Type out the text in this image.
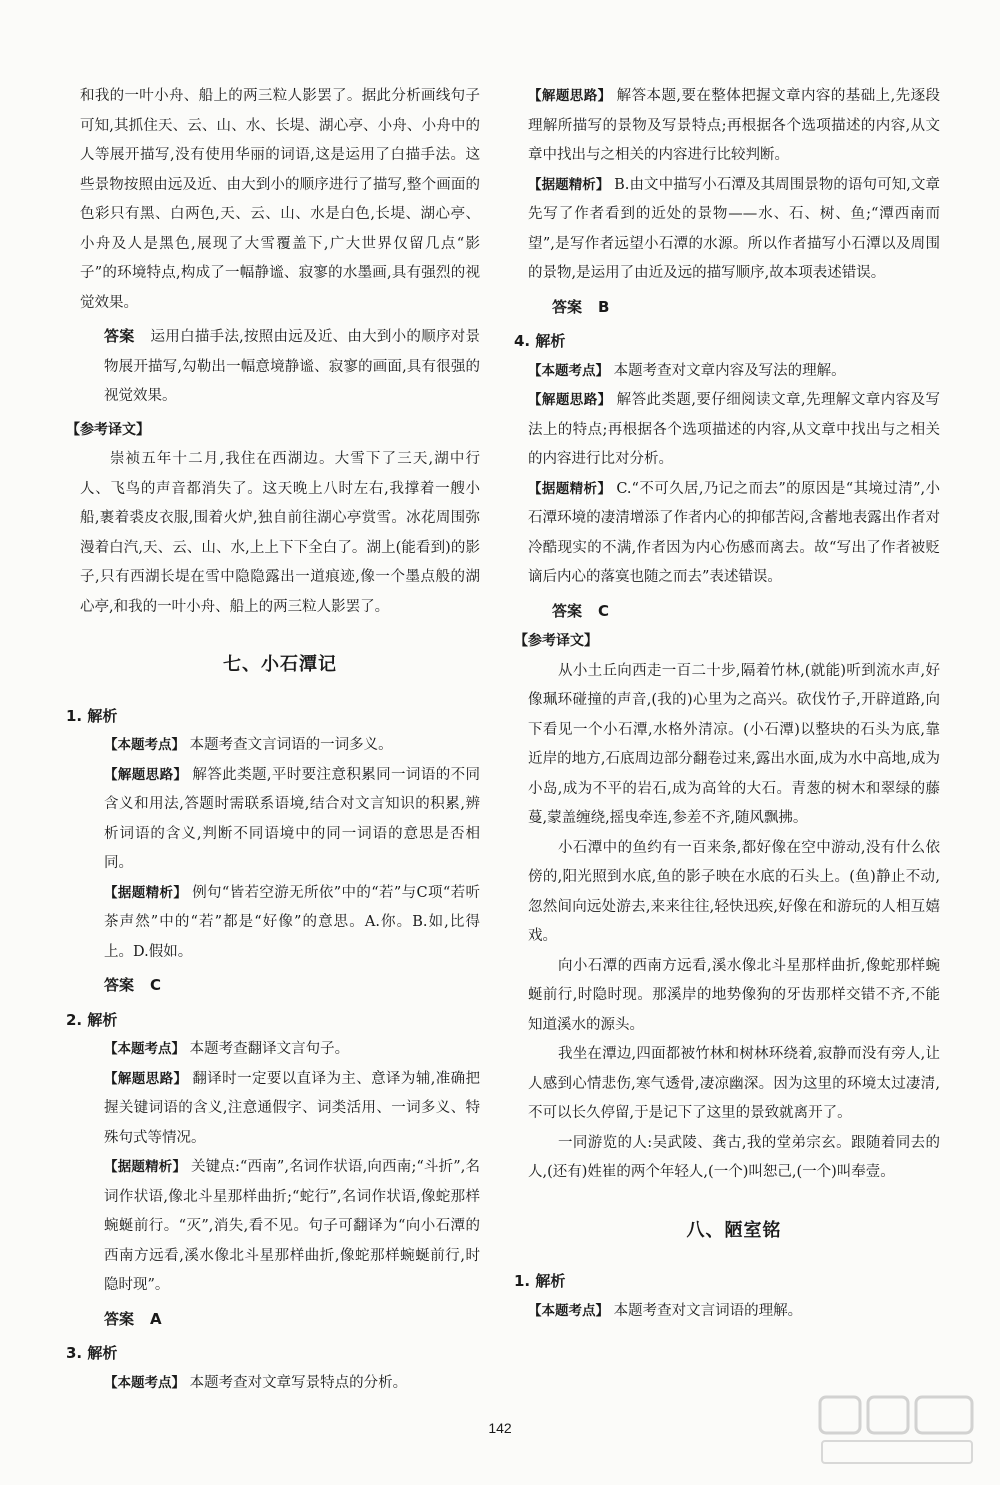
和我的一叶小舟、船上的两三粒人影罢了。据此分析画线句子可知,其抓住天、云、山、水、长堤、湖心亭、小舟、小舟中的人等展开描写,没有使用华丽的词语,这是运用了白描手法。这些景物按照由远及近、由大到小的顺序进行了描写,整个画面的色彩只有黑、白两色,天、云、山、水是白色,长堤、湖心亭、小舟及人是黑色,展现了大雪覆盖下,广大世界仅留几点“影子”的环境特点,构成了一幅静谧、寂寥的水墨画,具有强烈的视觉效果。

答案 运用白描手法,按照由远及近、由大到小的顺序对景物展开描写,勾勒出一幅意境静谧、寂寥的画面,具有很强的视觉效果。

【参考译文】

崇祯五年十二月,我住在西湖边。大雪下了三天,湖中行人、飞鸟的声音都消失了。这天晚上八时左右,我撑着一艘小船,裹着裘皮衣服,围着火炉,独自前往湖心亭赏雪。冰花周围弥漫着白汽,天、云、山、水,上上下下全白了。湖上(能看到)的影子,只有西湖长堤在雪中隐隐露出一道痕迹,像一个墨点般的湖心亭,和我的一叶小舟、船上的两三粒人影罢了。

七、小石潭记
1. 解析

【本题考点】 本题考查文言词语的一词多义。

【解题思路】 解答此类题,平时要注意积累同一词语的不同含义和用法,答题时需联系语境,结合对文言知识的积累,辨析词语的含义,判断不同语境中的同一词语的意思是否相同。

【据题精析】 例句“皆若空游无所依”中的“若”与C项“若听茶声然”中的“若”都是“好像”的意思。A.你。B.如,比得上。D.假如。

答案 C

2. 解析

【本题考点】 本题考查翻译文言句子。

【解题思路】 翻译时一定要以直译为主、意译为辅,准确把握关键词语的含义,注意通假字、词类活用、一词多义、特殊句式等情况。

【据题精析】 关键点:“西南”,名词作状语,向西南;“斗折”,名词作状语,像北斗星那样曲折;“蛇行”,名词作状语,像蛇那样蜿蜒前行。“灭”,消失,看不见。句子可翻译为“向小石潭的西南方远看,溪水像北斗星那样曲折,像蛇那样蜿蜒前行,时隐时现”。

答案 A

3. 解析

【本题考点】 本题考查对文章写景特点的分析。

【解题思路】 解答本题,要在整体把握文章内容的基础上,先逐段理解所描写的景物及写景特点;再根据各个选项描述的内容,从文章中找出与之相关的内容进行比较判断。

【据题精析】 B.由文中描写小石潭及其周围景物的语句可知,文章先写了作者看到的近处的景物——水、石、树、鱼;“潭西南而望”,是写作者远望小石潭的水源。所以作者描写小石潭以及周围的景物,是运用了由近及远的描写顺序,故本项表述错误。

答案 B

4. 解析

【本题考点】 本题考查对文章内容及写法的理解。

【解题思路】 解答此类题,要仔细阅读文章,先理解文章内容及写法上的特点;再根据各个选项描述的内容,从文章中找出与之相关的内容进行比对分析。

【据题精析】 C.“不可久居,乃记之而去”的原因是“其境过清”,小石潭环境的凄清增添了作者内心的抑郁苦闷,含蓄地表露出作者对冷酷现实的不满,作者因为内心伤感而离去。故“写出了作者被贬谪后内心的落寞也随之而去”表述错误。

答案 C

【参考译文】

从小土丘向西走一百二十步,隔着竹林,(就能)听到流水声,好像珮环碰撞的声音,(我的)心里为之高兴。砍伐竹子,开辟道路,向下看见一个小石潭,水格外清凉。(小石潭)以整块的石头为底,靠近岸的地方,石底周边部分翻卷过来,露出水面,成为水中高地,成为小岛,成为不平的岩石,成为高耸的大石。青葱的树木和翠绿的藤蔓,蒙盖缠绕,摇曳牵连,参差不齐,随风飘拂。

小石潭中的鱼约有一百来条,都好像在空中游动,没有什么依傍的,阳光照到水底,鱼的影子映在水底的石头上。(鱼)静止不动,忽然间向远处游去,来来往往,轻快迅疾,好像在和游玩的人相互嬉戏。

向小石潭的西南方远看,溪水像北斗星那样曲折,像蛇那样蜿蜒前行,时隐时现。那溪岸的地势像狗的牙齿那样交错不齐,不能知道溪水的源头。

我坐在潭边,四面都被竹林和树林环绕着,寂静而没有旁人,让人感到心情悲伤,寒气透骨,凄凉幽深。因为这里的环境太过凄清,不可以长久停留,于是记下了这里的景致就离开了。

一同游览的人:吴武陵、龚古,我的堂弟宗玄。跟随着同去的人,(还有)姓崔的两个年轻人,(一个)叫恕己,(一个)叫奉壹。

八、陋室铭
1. 解析

【本题考点】 本题考查对文言词语的理解。

142
